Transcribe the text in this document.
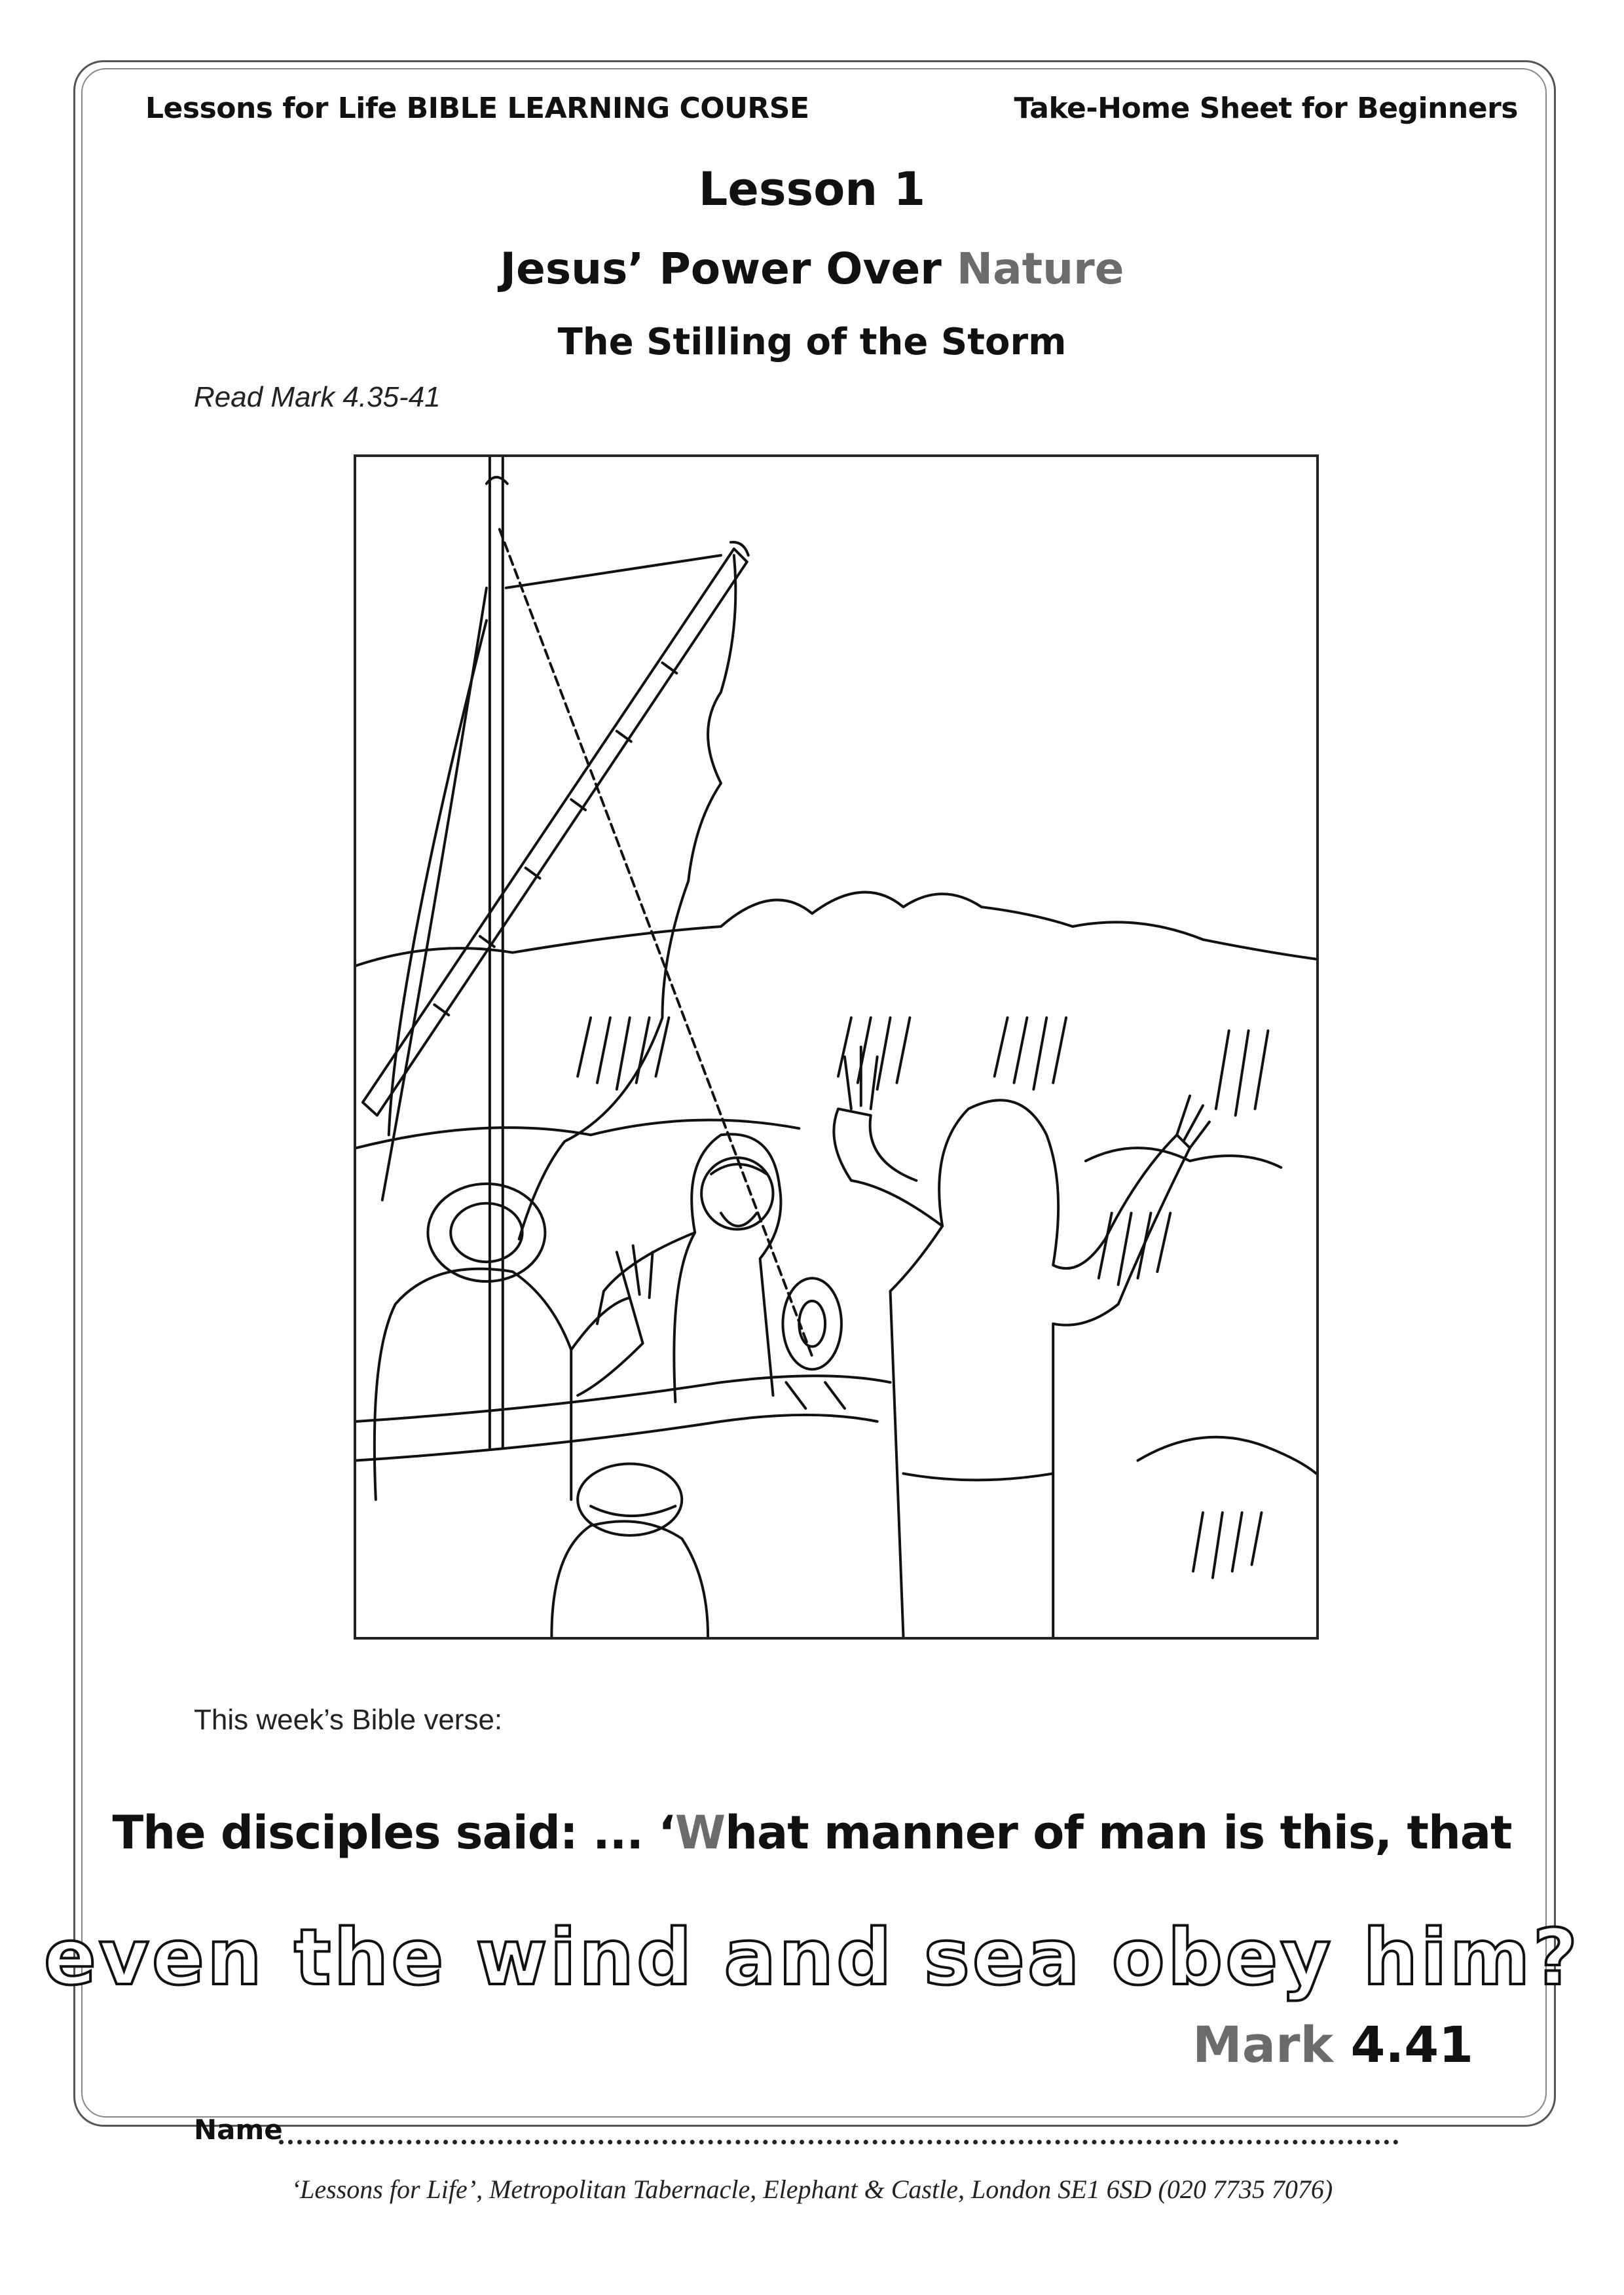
Lessons for Life BIBLE LEARNING COURSE	Take-Home Sheet for Beginners
Lesson 1
Jesus’ Power Over Nature
The Stilling of the Storm
Read Mark 4.35-41
This week’s Bible verse:
The disciples said: ... ‘What manner of man is this, that
even the wind and sea obey him?
Mark 4.41
Name
‘Lessons for Life’, Metropolitan Tabernacle, Elephant & Castle, London SE1 6SD (020 7735 7076)
